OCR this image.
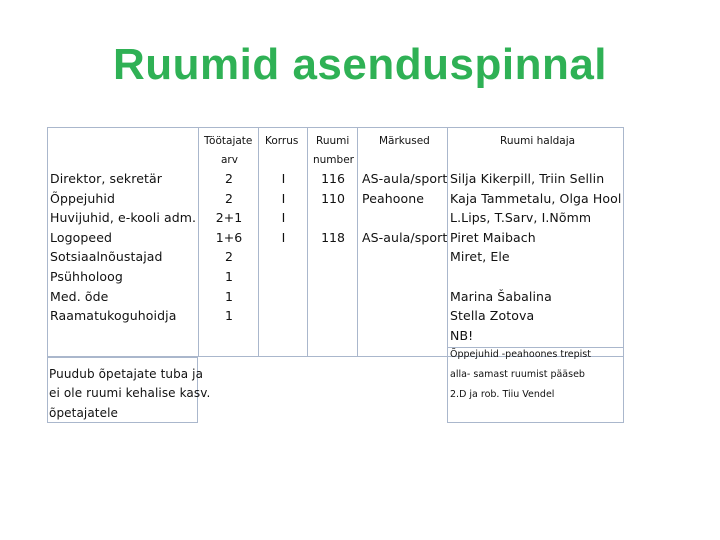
Ruumid asenduspinnal
Töötajate
arv
Korrus Ruumi
number
Märkused	Ruumi haldaja
Direktor, sekretär
Õppejuhid
Huvijuhid, e-kooli adm.
Logopeed
Sotsiaalnõustajad
Psühholoog
Med. õde
Raamatukoguhoidja
2
2
2+1
1+6
2
1
1
1
I
I
I
I
116
110
118
AS-aula/sport
Peahoone
AS-aula/sport
Silja Kikerpill, Triin Sellin
Kaja Tammetalu, Olga Hool
L.Lips, T.Sarv, I.Nõmm
Piret Maibach
Miret, Ele
Marina Šabalina
Stella Zotova
NB!
Puudub õpetajate tuba ja
ei ole ruumi kehalise kasv.
õpetajatele
Õppejuhid -peahoones trepist
alla- samast ruumist pääseb
2.D ja rob. Tiiu Vendel
